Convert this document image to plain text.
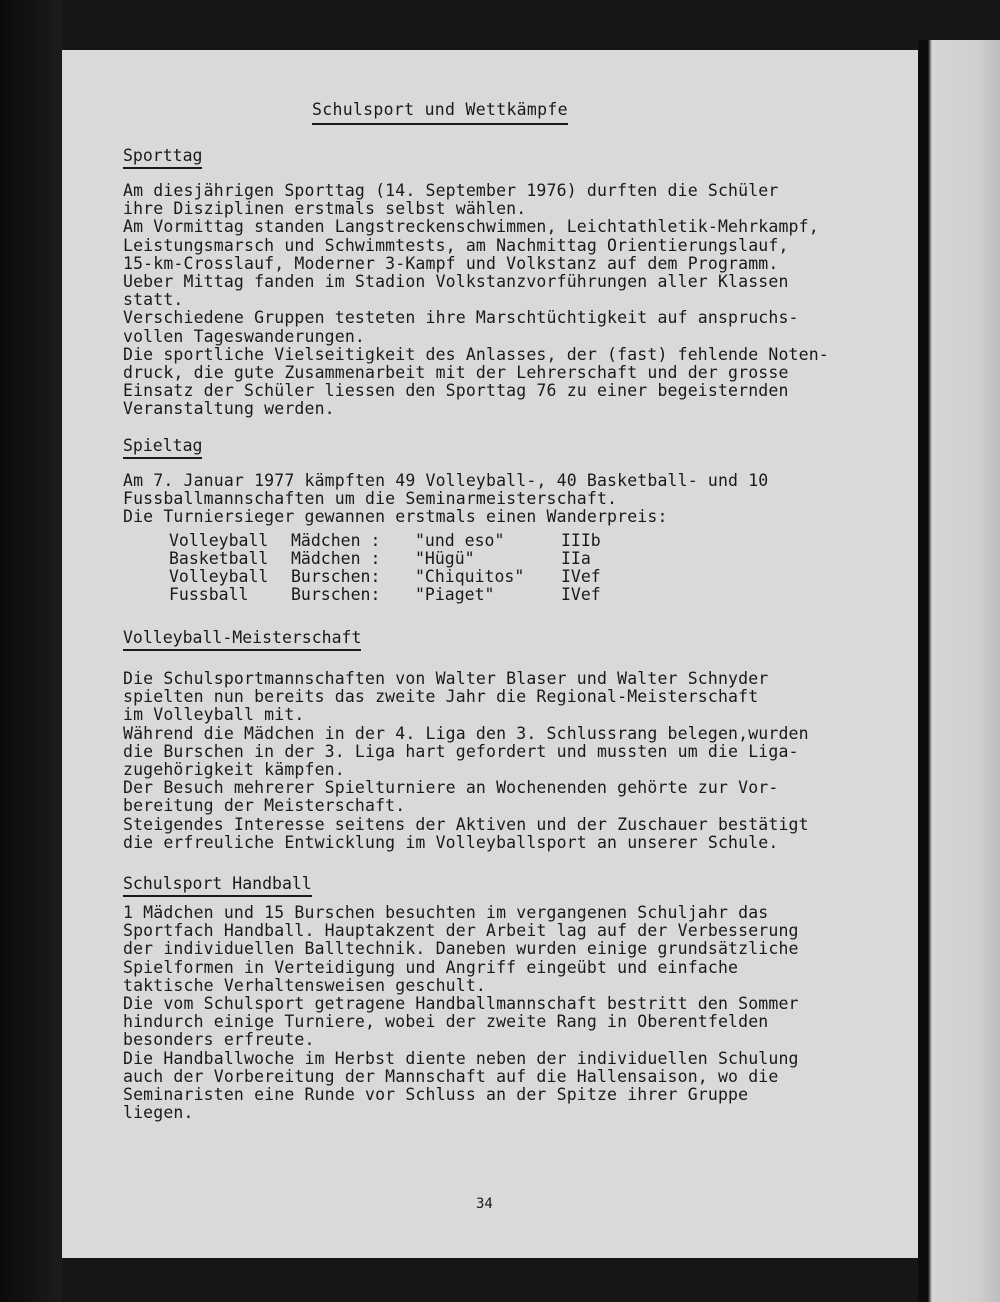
Schulsport und Wettkämpfe
Sporttag

Am diesjährigen Sporttag (14. September 1976) durften die Schüler
ihre Disziplinen erstmals selbst wählen.
Am Vormittag standen Langstreckenschwimmen, Leichtathletik-Mehrkampf,
Leistungsmarsch und Schwimmtests, am Nachmittag Orientierungslauf,
15-km-Crosslauf, Moderner 3-Kampf und Volkstanz auf dem Programm.
Ueber Mittag fanden im Stadion Volkstanzvorführungen aller Klassen
statt.
Verschiedene Gruppen testeten ihre Marschtüchtigkeit auf anspruchs-
vollen Tageswanderungen.
Die sportliche Vielseitigkeit des Anlasses, der (fast) fehlende Noten-
druck, die gute Zusammenarbeit mit der Lehrerschaft und der grosse
Einsatz der Schüler liessen den Sporttag 76 zu einer begeisternden
Veranstaltung werden.

Spieltag

Am 7. Januar 1977 kämpften 49 Volleyball-, 40 Basketball- und 10
Fussballmannschaften um die Seminarmeisterschaft.
Die Turniersieger gewannen erstmals einen Wanderpreis:

Volleyball	Mädchen :	"und eso"	IIIb
Basketball	Mädchen :	"Hügü"	IIa
Volleyball	Burschen:	"Chiquitos"	IVef
Fussball	Burschen:	"Piaget"	IVef
Volleyball-Meisterschaft

Die Schulsportmannschaften von Walter Blaser und Walter Schnyder
spielten nun bereits das zweite Jahr die Regional-Meisterschaft
im Volleyball mit.
Während die Mädchen in der 4. Liga den 3. Schlussrang belegen,wurden
die Burschen in der 3. Liga hart gefordert und mussten um die Liga-
zugehörigkeit kämpfen.
Der Besuch mehrerer Spielturniere an Wochenenden gehörte zur Vor-
bereitung der Meisterschaft.
Steigendes Interesse seitens der Aktiven und der Zuschauer bestätigt
die erfreuliche Entwicklung im Volleyballsport an unserer Schule.

Schulsport Handball

1 Mädchen und 15 Burschen besuchten im vergangenen Schuljahr das
Sportfach Handball. Hauptakzent der Arbeit lag auf der Verbesserung
der individuellen Balltechnik. Daneben wurden einige grundsätzliche
Spielformen in Verteidigung und Angriff eingeübt und einfache
taktische Verhaltensweisen geschult.
Die vom Schulsport getragene Handballmannschaft bestritt den Sommer
hindurch einige Turniere, wobei der zweite Rang in Oberentfelden
besonders erfreute.
Die Handballwoche im Herbst diente neben der individuellen Schulung
auch der Vorbereitung der Mannschaft auf die Hallensaison, wo die
Seminaristen eine Runde vor Schluss an der Spitze ihrer Gruppe
liegen.

34
